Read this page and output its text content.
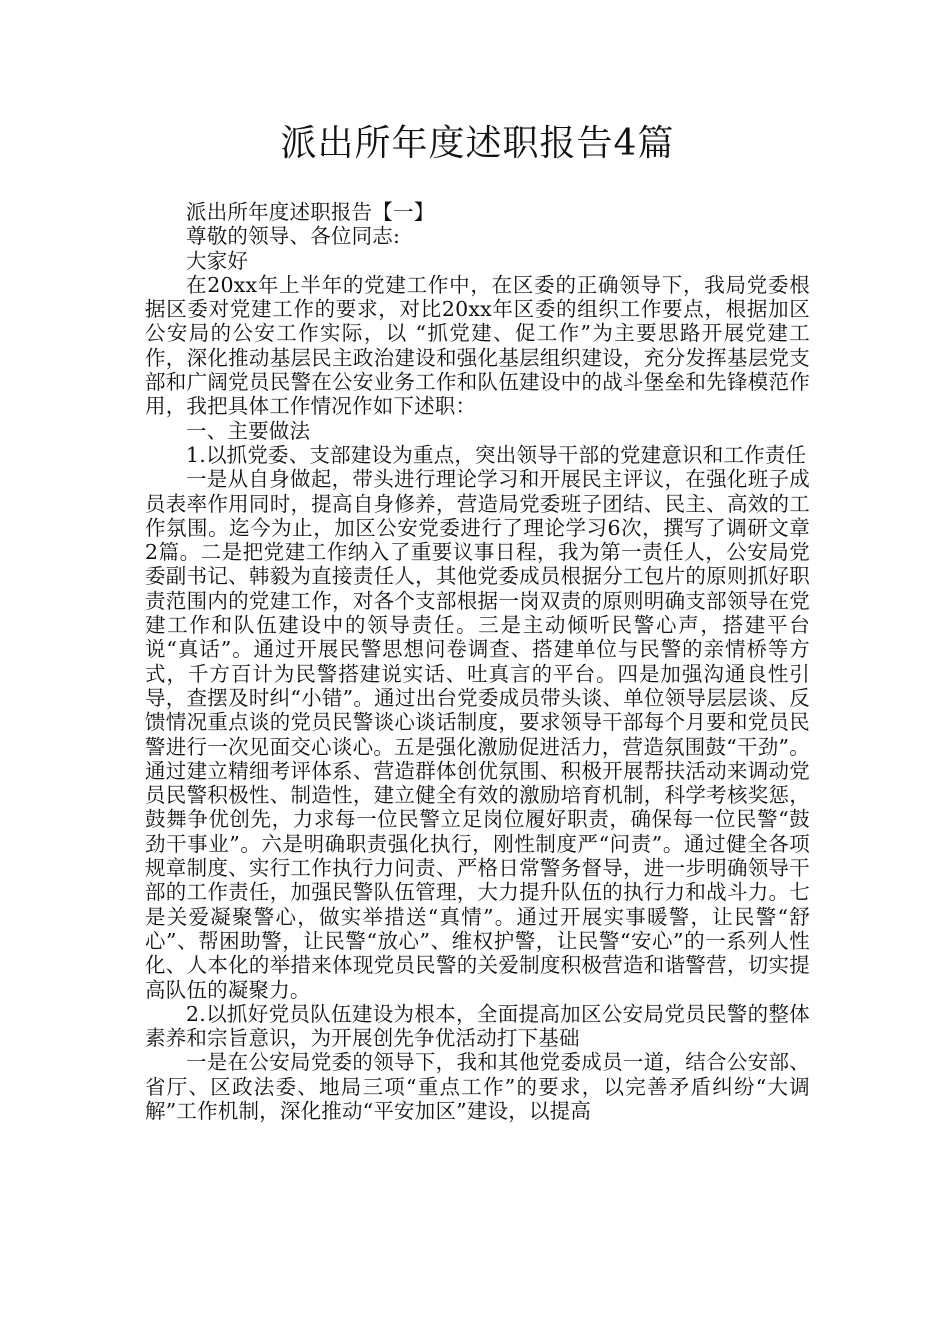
派出所年度述职报告4篇

派出所年度述职报告【一】

尊敬的领导、各位同志:

大家好

在20xx年上半年的党建工作中，在区委的正确领导下，我局党委根据区委对党建工作的要求，对比20xx年区委的组织工作要点，根据加区公安局的公安工作实际，以 “抓党建、促工作”为主要思路开展党建工作，深化推动基层民主政治建设和强化基层组织建设，充分发挥基层党支部和广阔党员民警在公安业务工作和队伍建设中的战斗堡垒和先锋模范作用，我把具体工作情况作如下述职：

一、主要做法

1.以抓党委、支部建设为重点，突出领导干部的党建意识和工作责任

一是从自身做起，带头进行理论学习和开展民主评议，在强化班子成员表率作用同时，提高自身修养，营造局党委班子团结、民主、高效的工作氛围。迄今为止，加区公安党委进行了理论学习6次，撰写了调研文章2篇。二是把党建工作纳入了重要议事日程，我为第一责任人，公安局党委副书记、韩毅为直接责任人，其他党委成员根据分工包片的原则抓好职责范围内的党建工作，对各个支部根据一岗双责的原则明确支部领导在党建工作和队伍建设中的领导责任。三是主动倾听民警心声，搭建平台说“真话”。通过开展民警思想问卷调查、搭建单位与民警的亲情桥等方式，千方百计为民警搭建说实话、吐真言的平台。四是加强沟通良性引导，查摆及时纠“小错”。通过出台党委成员带头谈、单位领导层层谈、反馈情况重点谈的党员民警谈心谈话制度，要求领导干部每个月要和党员民警进行一次见面交心谈心。五是强化激励促进活力，营造氛围鼓“干劲”。通过建立精细考评体系、营造群体创优氛围、积极开展帮扶活动来调动党员民警积极性、制造性，建立健全有效的激励培育机制，科学考核奖惩，鼓舞争优创先，力求每一位民警立足岗位履好职责，确保每一位民警“鼓劲干事业”。六是明确职责强化执行，刚性制度严“问责”。通过健全各项规章制度、实行工作执行力问责、严格日常警务督导，进一步明确领导干部的工作责任，加强民警队伍管理，大力提升队伍的执行力和战斗力。七是关爱凝聚警心，做实举措送“真情”。通过开展实事暖警，让民警“舒心”、帮困助警，让民警“放心”、维权护警，让民警“安心”的一系列人性化、人本化的举措来体现党员民警的关爱制度积极营造和谐警营，切实提高队伍的凝聚力。

2.以抓好党员队伍建设为根本，全面提高加区公安局党员民警的整体素养和宗旨意识，为开展创先争优活动打下基础

一是在公安局党委的领导下，我和其他党委成员一道，结合公安部、省厅、区政法委、地局三项“重点工作”的要求，以完善矛盾纠纷“大调解”工作机制，深化推动“平安加区”建设，以提高
